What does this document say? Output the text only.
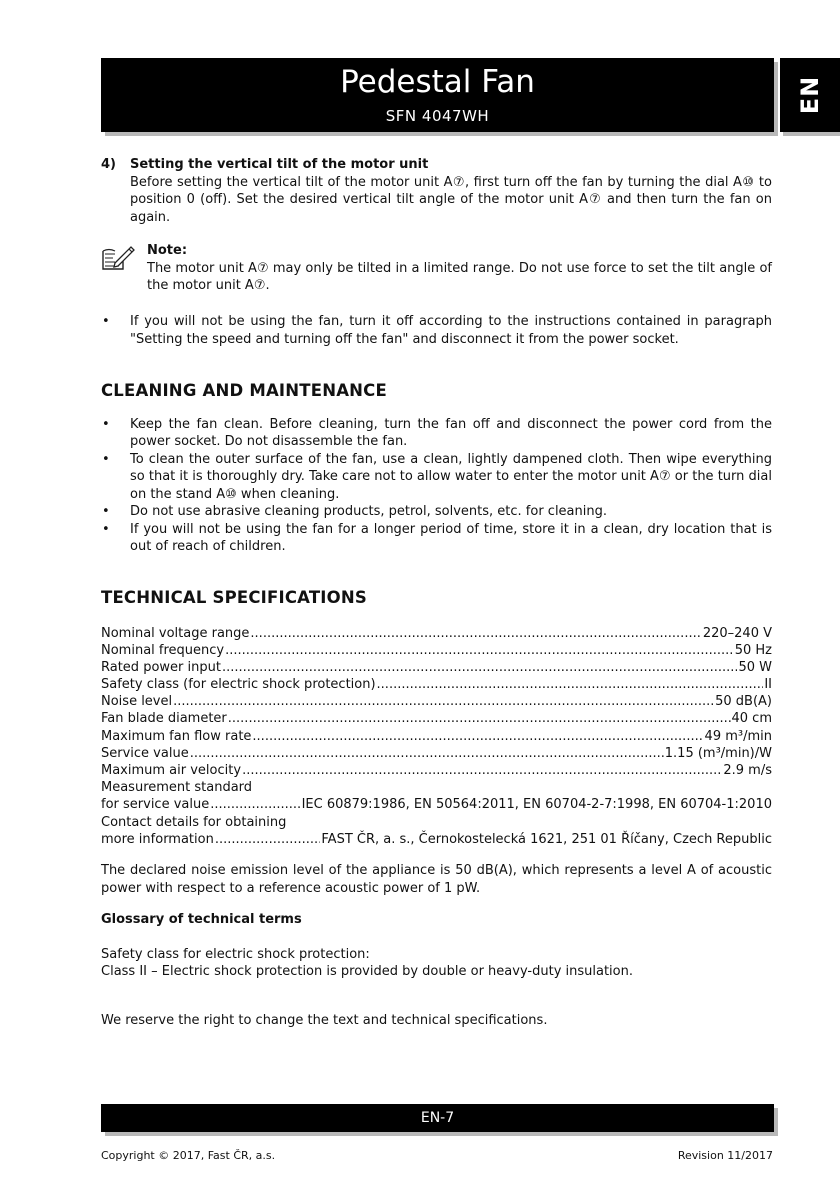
Pedestal Fan
SFN 4047WH
EN
4) Setting the vertical tilt of the motor unit
Before setting the vertical tilt of the motor unit A⑦, first turn off the fan by turning the dial A⑩ to position 0 (off). Set the desired vertical tilt angle of the motor unit A⑦ and then turn the fan on again.
Note:
The motor unit A⑦ may only be tilted in a limited range. Do not use force to set the tilt angle of the motor unit A⑦.
• If you will not be using the fan, turn it off according to the instructions contained in paragraph "Setting the speed and turning off the fan" and disconnect it from the power socket.
CLEANING AND MAINTENANCE
• Keep the fan clean. Before cleaning, turn the fan off and disconnect the power cord from the power socket. Do not disassemble the fan.
• To clean the outer surface of the fan, use a clean, lightly dampened cloth. Then wipe everything so that it is thoroughly dry. Take care not to allow water to enter the motor unit A⑦ or the turn dial on the stand A⑩ when cleaning.
• Do not use abrasive cleaning products, petrol, solvents, etc. for cleaning.
• If you will not be using the fan for a longer period of time, store it in a clean, dry location that is out of reach of children.
TECHNICAL SPECIFICATIONS
Nominal voltage range .....	220–240 V
Nominal frequency .....	50 Hz
Rated power input .....	50 W
Safety class (for electric shock protection) .....	II
Noise level .....	50 dB(A)
Fan blade diameter .....	40 cm
Maximum fan flow rate .....	49 m³/min
Service value .....	1.15 (m³/min)/W
Maximum air velocity .....	2.9 m/s
Measurement standard
for service value .....	IEC 60879:1986, EN 50564:2011, EN 60704-2-7:1998, EN 60704-1:2010
Contact details for obtaining
more information .....	FAST ČR, a. s., Černokostelecká 1621, 251 01 Říčany, Czech Republic
The declared noise emission level of the appliance is 50 dB(A), which represents a level A of acoustic power with respect to a reference acoustic power of 1 pW.
Glossary of technical terms
Safety class for electric shock protection:
Class II – Electric shock protection is provided by double or heavy-duty insulation.
We reserve the right to change the text and technical specifications.
EN-7
Copyright © 2017, Fast ČR, a.s.	Revision 11/2017
